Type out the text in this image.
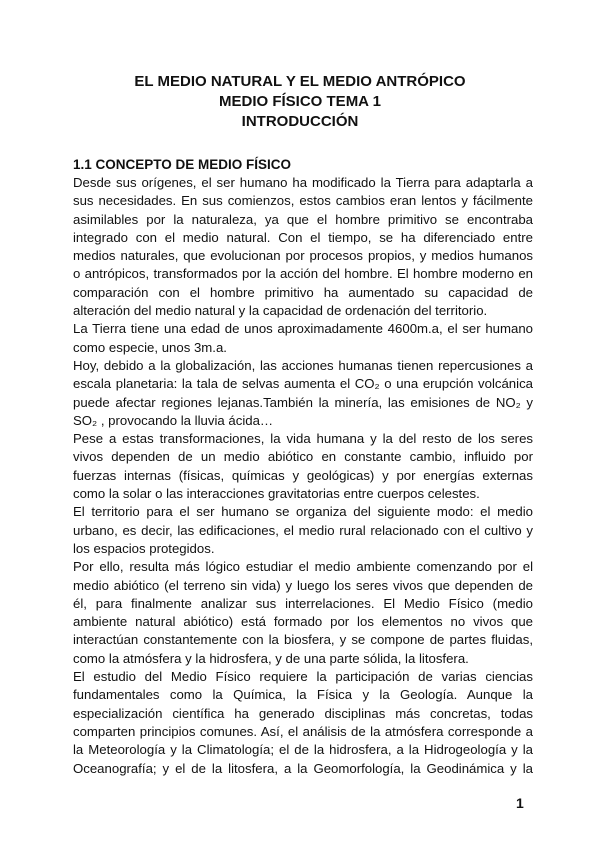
EL MEDIO NATURAL Y EL MEDIO ANTRÓPICO
MEDIO FÍSICO TEMA 1
INTRODUCCIÓN
1.1 CONCEPTO DE MEDIO FÍSICO
Desde sus orígenes, el ser humano ha modificado la Tierra para adaptarla a
sus necesidades. En sus comienzos, estos cambios eran lentos y fácilmente
asimilables por la naturaleza, ya que el hombre primitivo se encontraba
integrado con el medio natural. Con el tiempo, se ha diferenciado entre
medios naturales, que evolucionan por procesos propios, y medios humanos
o antrópicos, transformados por la acción del hombre. El hombre moderno en
comparación con el hombre primitivo ha aumentado su capacidad de
alteración del medio natural y la capacidad de ordenación del territorio.
La Tierra tiene una edad de unos aproximadamente 4600m.a, el ser humano
como especie, unos 3m.a.
Hoy, debido a la globalización, las acciones humanas tienen repercusiones a
escala planetaria: la tala de selvas aumenta el CO₂ o una erupción volcánica
puede afectar regiones lejanas.También la minería, las emisiones de NO₂ y
SO₂ , provocando la lluvia ácida…
Pese a estas transformaciones, la vida humana y la del resto de los seres
vivos dependen de un medio abiótico en constante cambio, influido por
fuerzas internas (físicas, químicas y geológicas) y por energías externas
como la solar o las interacciones gravitatorias entre cuerpos celestes.
El territorio para el ser humano se organiza del siguiente modo: el medio
urbano, es decir, las edificaciones, el medio rural relacionado con el cultivo y
los espacios protegidos.
Por ello, resulta más lógico estudiar el medio ambiente comenzando por el
medio abiótico (el terreno sin vida) y luego los seres vivos que dependen de
él, para finalmente analizar sus interrelaciones. El Medio Físico (medio
ambiente natural abiótico) está formado por los elementos no vivos que
interactúan constantemente con la biosfera, y se compone de partes fluidas,
como la atmósfera y la hidrosfera, y de una parte sólida, la litosfera.
El estudio del Medio Físico requiere la participación de varias ciencias
fundamentales como la Química, la Física y la Geología. Aunque la
especialización científica ha generado disciplinas más concretas, todas
comparten principios comunes. Así, el análisis de la atmósfera corresponde a
la Meteorología y la Climatología; el de la hidrosfera, a la Hidrogeología y la
Oceanografía; y el de la litosfera, a la Geomorfología, la Geodinámica y la
1
